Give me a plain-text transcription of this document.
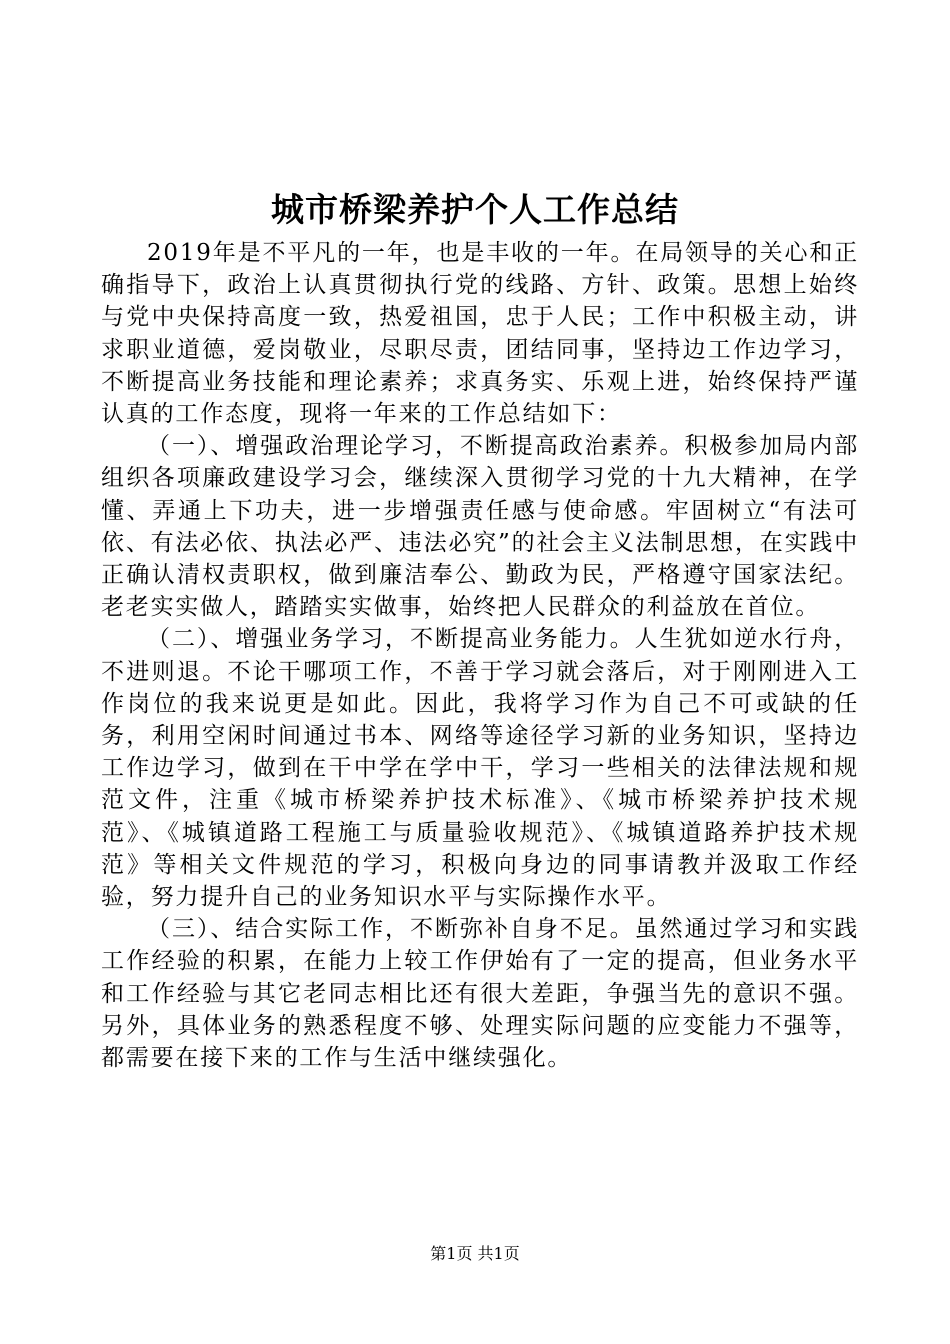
城市桥梁养护个人工作总结

2019年是不平凡的一年，也是丰收的一年。在局领导的关心和正确指导下，政治上认真贯彻执行党的线路、方针、政策。思想上始终与党中央保持高度一致，热爱祖国，忠于人民；工作中积极主动，讲求职业道德，爱岗敬业，尽职尽责，团结同事，坚持边工作边学习，不断提高业务技能和理论素养；求真务实、乐观上进，始终保持严谨认真的工作态度，现将一年来的工作总结如下：

（一）、增强政治理论学习，不断提高政治素养。积极参加局内部组织各项廉政建设学习会，继续深入贯彻学习党的十九大精神，在学懂、弄通上下功夫，进一步增强责任感与使命感。牢固树立“有法可依、有法必依、执法必严、违法必究”的社会主义法制思想，在实践中正确认清权责职权，做到廉洁奉公、勤政为民，严格遵守国家法纪。老老实实做人，踏踏实实做事，始终把人民群众的利益放在首位。

（二）、增强业务学习，不断提高业务能力。人生犹如逆水行舟，不进则退。不论干哪项工作，不善于学习就会落后，对于刚刚进入工作岗位的我来说更是如此。因此，我将学习作为自己不可或缺的任务，利用空闲时间通过书本、网络等途径学习新的业务知识，坚持边工作边学习，做到在干中学在学中干，学习一些相关的法律法规和规范文件，注重《城市桥梁养护技术标准》、《城市桥梁养护技术规范》、《城镇道路工程施工与质量验收规范》、《城镇道路养护技术规范》等相关文件规范的学习，积极向身边的同事请教并汲取工作经验，努力提升自己的业务知识水平与实际操作水平。

（三）、结合实际工作，不断弥补自身不足。虽然通过学习和实践工作经验的积累，在能力上较工作伊始有了一定的提高，但业务水平和工作经验与其它老同志相比还有很大差距，争强当先的意识不强。另外，具体业务的熟悉程度不够、处理实际问题的应变能力不强等，都需要在接下来的工作与生活中继续强化。

第1页 共1页
